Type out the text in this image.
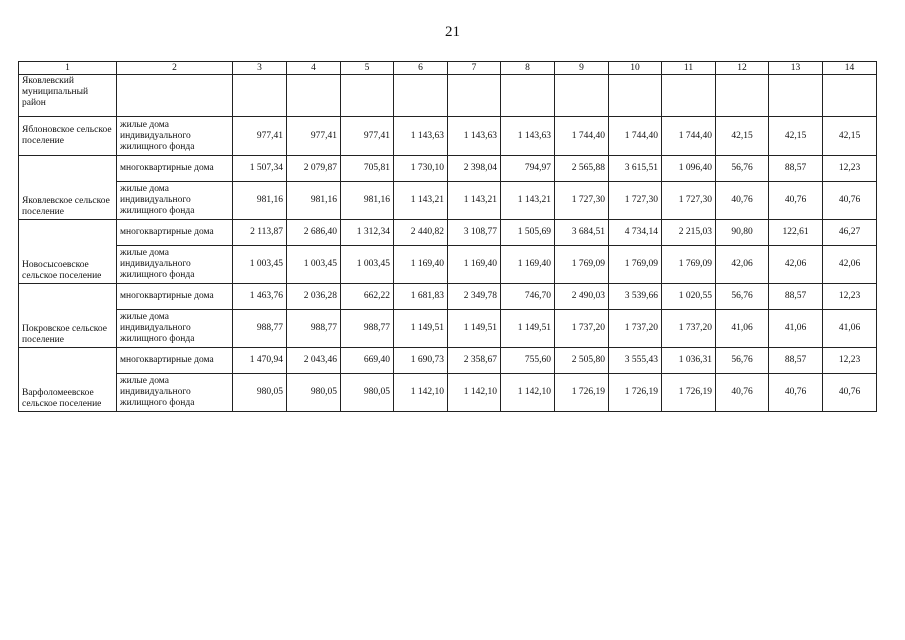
21
1	2	3	4	5	6	7	8	9	10	11	12	13	14
Яковлевский муниципальный район													
Яблоновское сельское поселение	жилые дома индивидуального жилищного фонда	977,41	977,41	977,41	1 143,63	1 143,63	1 143,63	1 744,40	1 744,40	1 744,40	42,15	42,15	42,15
Яковлевское сельское поселение	многоквартирные дома	1 507,34	2 079,87	705,81	1 730,10	2 398,04	794,97	2 565,88	3 615,51	1 096,40	56,76	88,57	12,23
	жилые дома индивидуального жилищного фонда	981,16	981,16	981,16	1 143,21	1 143,21	1 143,21	1 727,30	1 727,30	1 727,30	40,76	40,76	40,76
Новосысоевское сельское поселение	многоквартирные дома	2 113,87	2 686,40	1 312,34	2 440,82	3 108,77	1 505,69	3 684,51	4 734,14	2 215,03	90,80	122,61	46,27
	жилые дома индивидуального жилищного фонда	1 003,45	1 003,45	1 003,45	1 169,40	1 169,40	1 169,40	1 769,09	1 769,09	1 769,09	42,06	42,06	42,06
Покровское сельское поселение	многоквартирные дома	1 463,76	2 036,28	662,22	1 681,83	2 349,78	746,70	2 490,03	3 539,66	1 020,55	56,76	88,57	12,23
	жилые дома индивидуального жилищного фонда	988,77	988,77	988,77	1 149,51	1 149,51	1 149,51	1 737,20	1 737,20	1 737,20	41,06	41,06	41,06
Варфоломеевское сельское поселение	многоквартирные дома	1 470,94	2 043,46	669,40	1 690,73	2 358,67	755,60	2 505,80	3 555,43	1 036,31	56,76	88,57	12,23
	жилые дома индивидуального жилищного фонда	980,05	980,05	980,05	1 142,10	1 142,10	1 142,10	1 726,19	1 726,19	1 726,19	40,76	40,76	40,76
